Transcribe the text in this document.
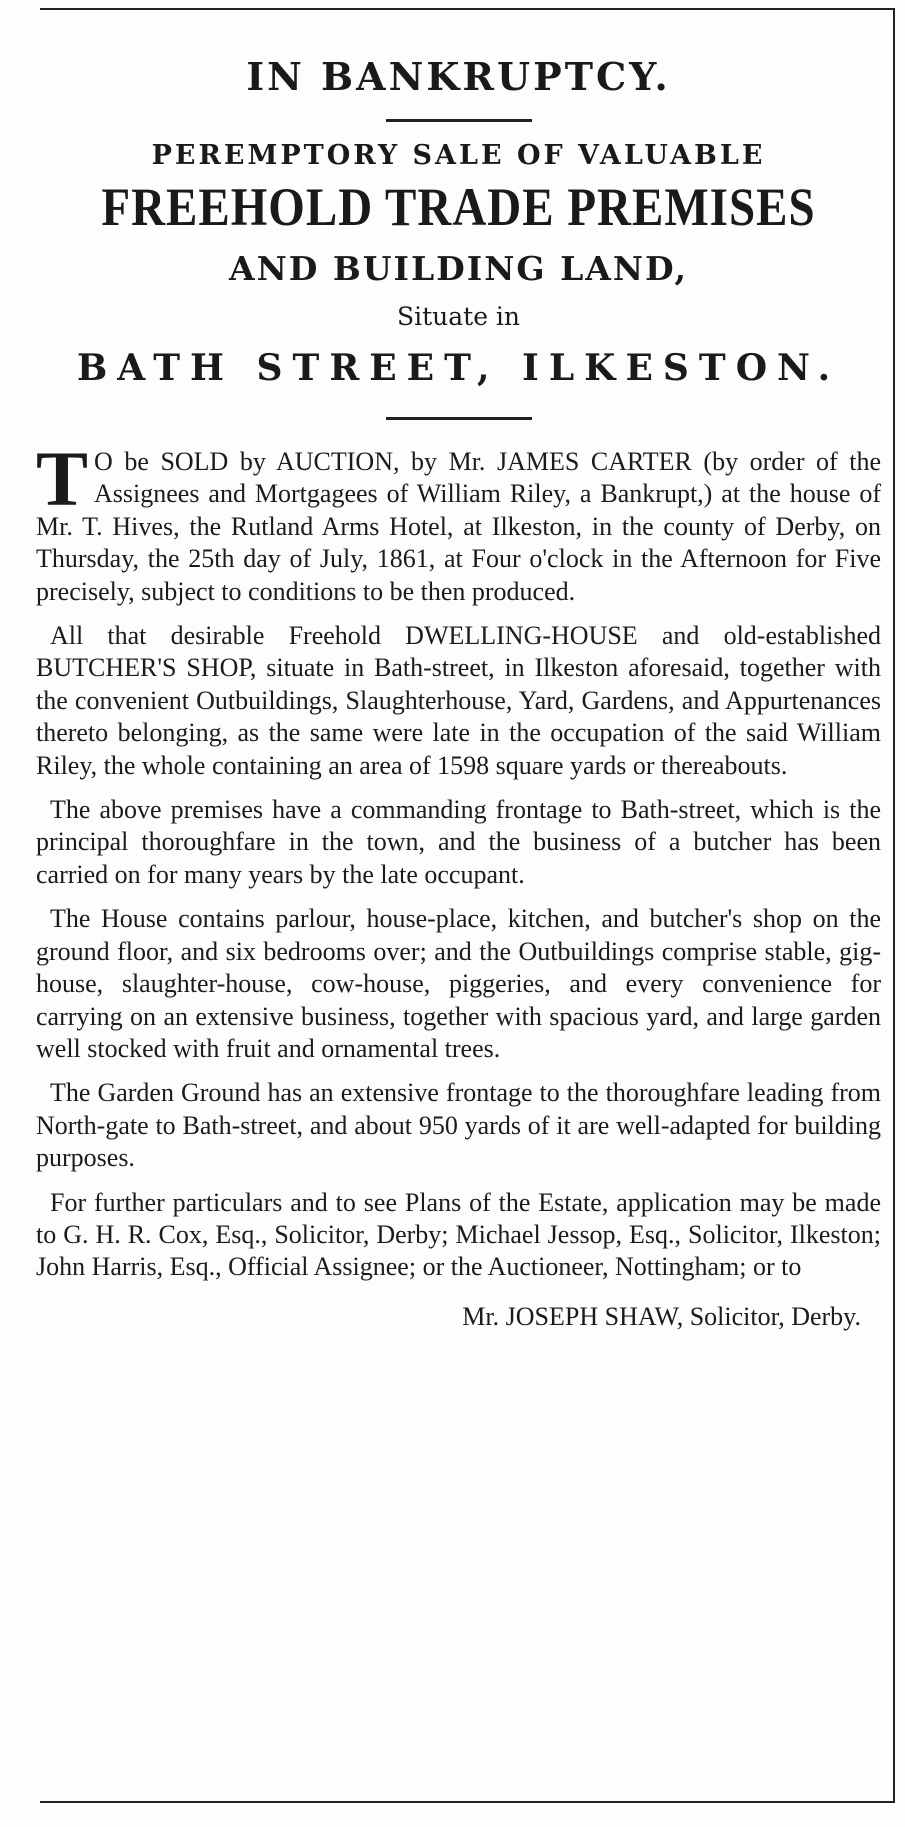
IN BANKRUPTCY.
PEREMPTORY SALE OF VALUABLE
FREEHOLD TRADE PREMISES
AND BUILDING LAND,
Situate in
BATH STREET, ILKESTON.

T O be SOLD by AUCTION, by Mr. JAMES CARTER (by order of the Assignees and Mortgagees of William Riley, a Bankrupt,) at the house of Mr. T. Hives, the Rutland Arms Hotel, at Ilkeston, in the county of Derby, on Thursday, the 25th day of July, 1861, at Four o'clock in the Afternoon for Five precisely, subject to conditions to be then produced.

All that desirable Freehold DWELLING-HOUSE and old-established BUTCHER'S SHOP, situate in Bath-street, in Ilkeston aforesaid, together with the convenient Outbuildings, Slaughterhouse, Yard, Gardens, and Appurtenances thereto belonging, as the same were late in the occupation of the said William Riley, the whole containing an area of 1598 square yards or thereabouts.

The above premises have a commanding frontage to Bath-street, which is the principal thoroughfare in the town, and the business of a butcher has been carried on for many years by the late occupant.

The House contains parlour, house-place, kitchen, and butcher's shop on the ground floor, and six bedrooms over; and the Outbuildings comprise stable, gig-house, slaughter-house, cow-house, piggeries, and every convenience for carrying on an extensive business, together with spacious yard, and large garden well stocked with fruit and ornamental trees.

The Garden Ground has an extensive frontage to the thoroughfare leading from North-gate to Bath-street, and about 950 yards of it are well-adapted for building purposes.

For further particulars and to see Plans of the Estate, application may be made to G. H. R. Cox, Esq., Solicitor, Derby; Michael Jessop, Esq., Solicitor, Ilkeston; John Harris, Esq., Official Assignee; or the Auctioneer, Nottingham; or to

Mr. JOSEPH SHAW, Solicitor, Derby.
